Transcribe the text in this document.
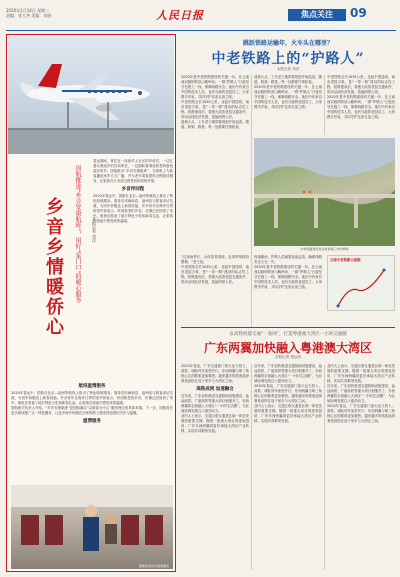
2020年1月14日 星期二
责编：张大齐 美编：刘丽	人民日报	焦点关注	09
国航推进“乡音安康航班”，用好“家门口”的暖心服务
乡音乡情暖侨心	本报记者 刘洋

春运期间，常住在一座座华人社区的华侨们，一边忙着办理返乡的各项事宜，一边期盼着乘坐熟悉的航班返回家乡。国航推出“乡音安康航班”，在航班上为旅客播放家乡方言广播，并为老年乘客提供全程陪伴服务，让旅客在万米高空感受到浓浓的乡情。

乡音伴回程

2020年春运中，国航在北京—福州等航线上推出了特色航班服务。乘务员用闽南语、福州话与旅客亲切交流，为回乡侨胞送上新春祝福。许多常年在海外打拼的老华侨表示，听到熟悉的乡音，仿佛已经回到了家中。航班还准备了地方特色小吃和新春礼品，让旅客在旅途中感受家的温暖。

航班温情服务

2020年春运中，国航在北京—福州等航线上推出了特色航班服务。乘务员用闽南语、福州话与旅客亲切交流，为回乡侨胞送上新春祝福。许多常年在海外打拼的老华侨表示，听到熟悉的乡音，仿佛已经回到了家中。航班还准备了地方特色小吃和新春礼品，让旅客在旅途中感受家的温暖。

国航相关负责人介绍，“乡音安康航班”是国航落实“以旅客为中心”服务理念的具体举措。下一步，国航将在更多航线推广这一特色服务，让更多海外侨胞在回家的路上感受到祖国的关怀与温暖。

温情服务
国航乘务员为旅客服务
跳跃铁路运输年，火车头在哪里？
中老铁路上的“护路人”
本报记者 刘洋

2020年是中老铁路建设的关键一年。在云南西双版纳的崇山峻岭间，一群“护路人”日夜坚守在施工一线，保障线路安全。他们中有来自中国的技术人员，也有当地的老挝员工，大家携手并肩，共同守护这条友谊之路。

中老铁路全长1035公里，北起中国昆明，南至老挝万象，是“一带一路”建设的标志性工程。铁路建成后，将极大改善老挝交通条件，带动沿线经济发展，造福两国人民。

清晨六点，工长老王就带着班组开始巡查。隧道、桥梁、路基，每一处都要仔细检查。

清晨六点，工长老王就带着班组开始巡查。隧道、桥梁、路基，每一处都要仔细检查。

2020年是中老铁路建设的关键一年。在云南西双版纳的崇山峻岭间，一群“护路人”日夜坚守在施工一线，保障线路安全。他们中有来自中国的技术人员，也有当地的老挝员工，大家携手并肩，共同守护这条友谊之路。

中老铁路全长1035公里，北起中国昆明，南至老挝万象，是“一带一路”建设的标志性工程。铁路建成后，将极大改善老挝交通条件，带动沿线经济发展，造福两国人民。

2020年是中老铁路建设的关键一年。在云南西双版纳的崇山峻岭间，一群“护路人”日夜坚守在施工一线，保障线路安全。他们中有来自中国的技术人员，也有当地的老挝员工，大家携手并肩，共同守护这条友谊之路。

中老铁路建设者在检查施工中的桥梁

“这里雨季长，山体容易滑坡，必须时刻保持警惕。”老王说。

中老铁路全长1035公里，北起中国昆明，南至老挝万象，是“一带一路”建设的标志性工程。铁路建成后，将极大改善老挝交通条件，带动沿线经济发展，造福两国人民。

每逢暴雨，护路人员就要连夜巡查，确保线路安全万无一失。

2020年是中老铁路建设的关键一年。在云南西双版纳的崇山峻岭间，一群“护路人”日夜坚守在施工一线，保障线路安全。他们中有来自中国的技术人员，也有当地的老挝员工，大家携手并肩，共同守护这条友谊之路。

云南中老铁路示意图
以高铁构建交通“一张网”，打造粤港澳大湾区一小时交通圈
广东两翼加快融入粤港澳大湾区
本报记者 程远州

2020年春运，广东交通部门加大运力投入，高铁、城际列车加密开行，东西两翼与珠三角核心区的联系更加紧密。越来越多的旅客选择乘坐高铁往返于家乡与大湾区之间。

高铁成网 加速融合

近年来，广东加快推进交通基础设施建设，汕汕高铁、广湛高铁等重大项目相继开工，东西两翼将全面融入大湾区“一小时生活圈”，为区域协调发展注入强劲动力。

业内人士表示，交通互联互通是区域一体化发展的重要支撑。随着一批重大项目的建成投用，广东东西两翼将更好承接大湾区产业转移，实现共同繁荣发展。

近年来，广东加快推进交通基础设施建设，汕汕高铁、广湛高铁等重大项目相继开工，东西两翼将全面融入大湾区“一小时生活圈”，为区域协调发展注入强劲动力。

2020年春运，广东交通部门加大运力投入，高铁、城际列车加密开行，东西两翼与珠三角核心区的联系更加紧密。越来越多的旅客选择乘坐高铁往返于家乡与大湾区之间。

业内人士表示，交通互联互通是区域一体化发展的重要支撑。随着一批重大项目的建成投用，广东东西两翼将更好承接大湾区产业转移，实现共同繁荣发展。

业内人士表示，交通互联互通是区域一体化发展的重要支撑。随着一批重大项目的建成投用，广东东西两翼将更好承接大湾区产业转移，实现共同繁荣发展。

近年来，广东加快推进交通基础设施建设，汕汕高铁、广湛高铁等重大项目相继开工，东西两翼将全面融入大湾区“一小时生活圈”，为区域协调发展注入强劲动力。

2020年春运，广东交通部门加大运力投入，高铁、城际列车加密开行，东西两翼与珠三角核心区的联系更加紧密。越来越多的旅客选择乘坐高铁往返于家乡与大湾区之间。
